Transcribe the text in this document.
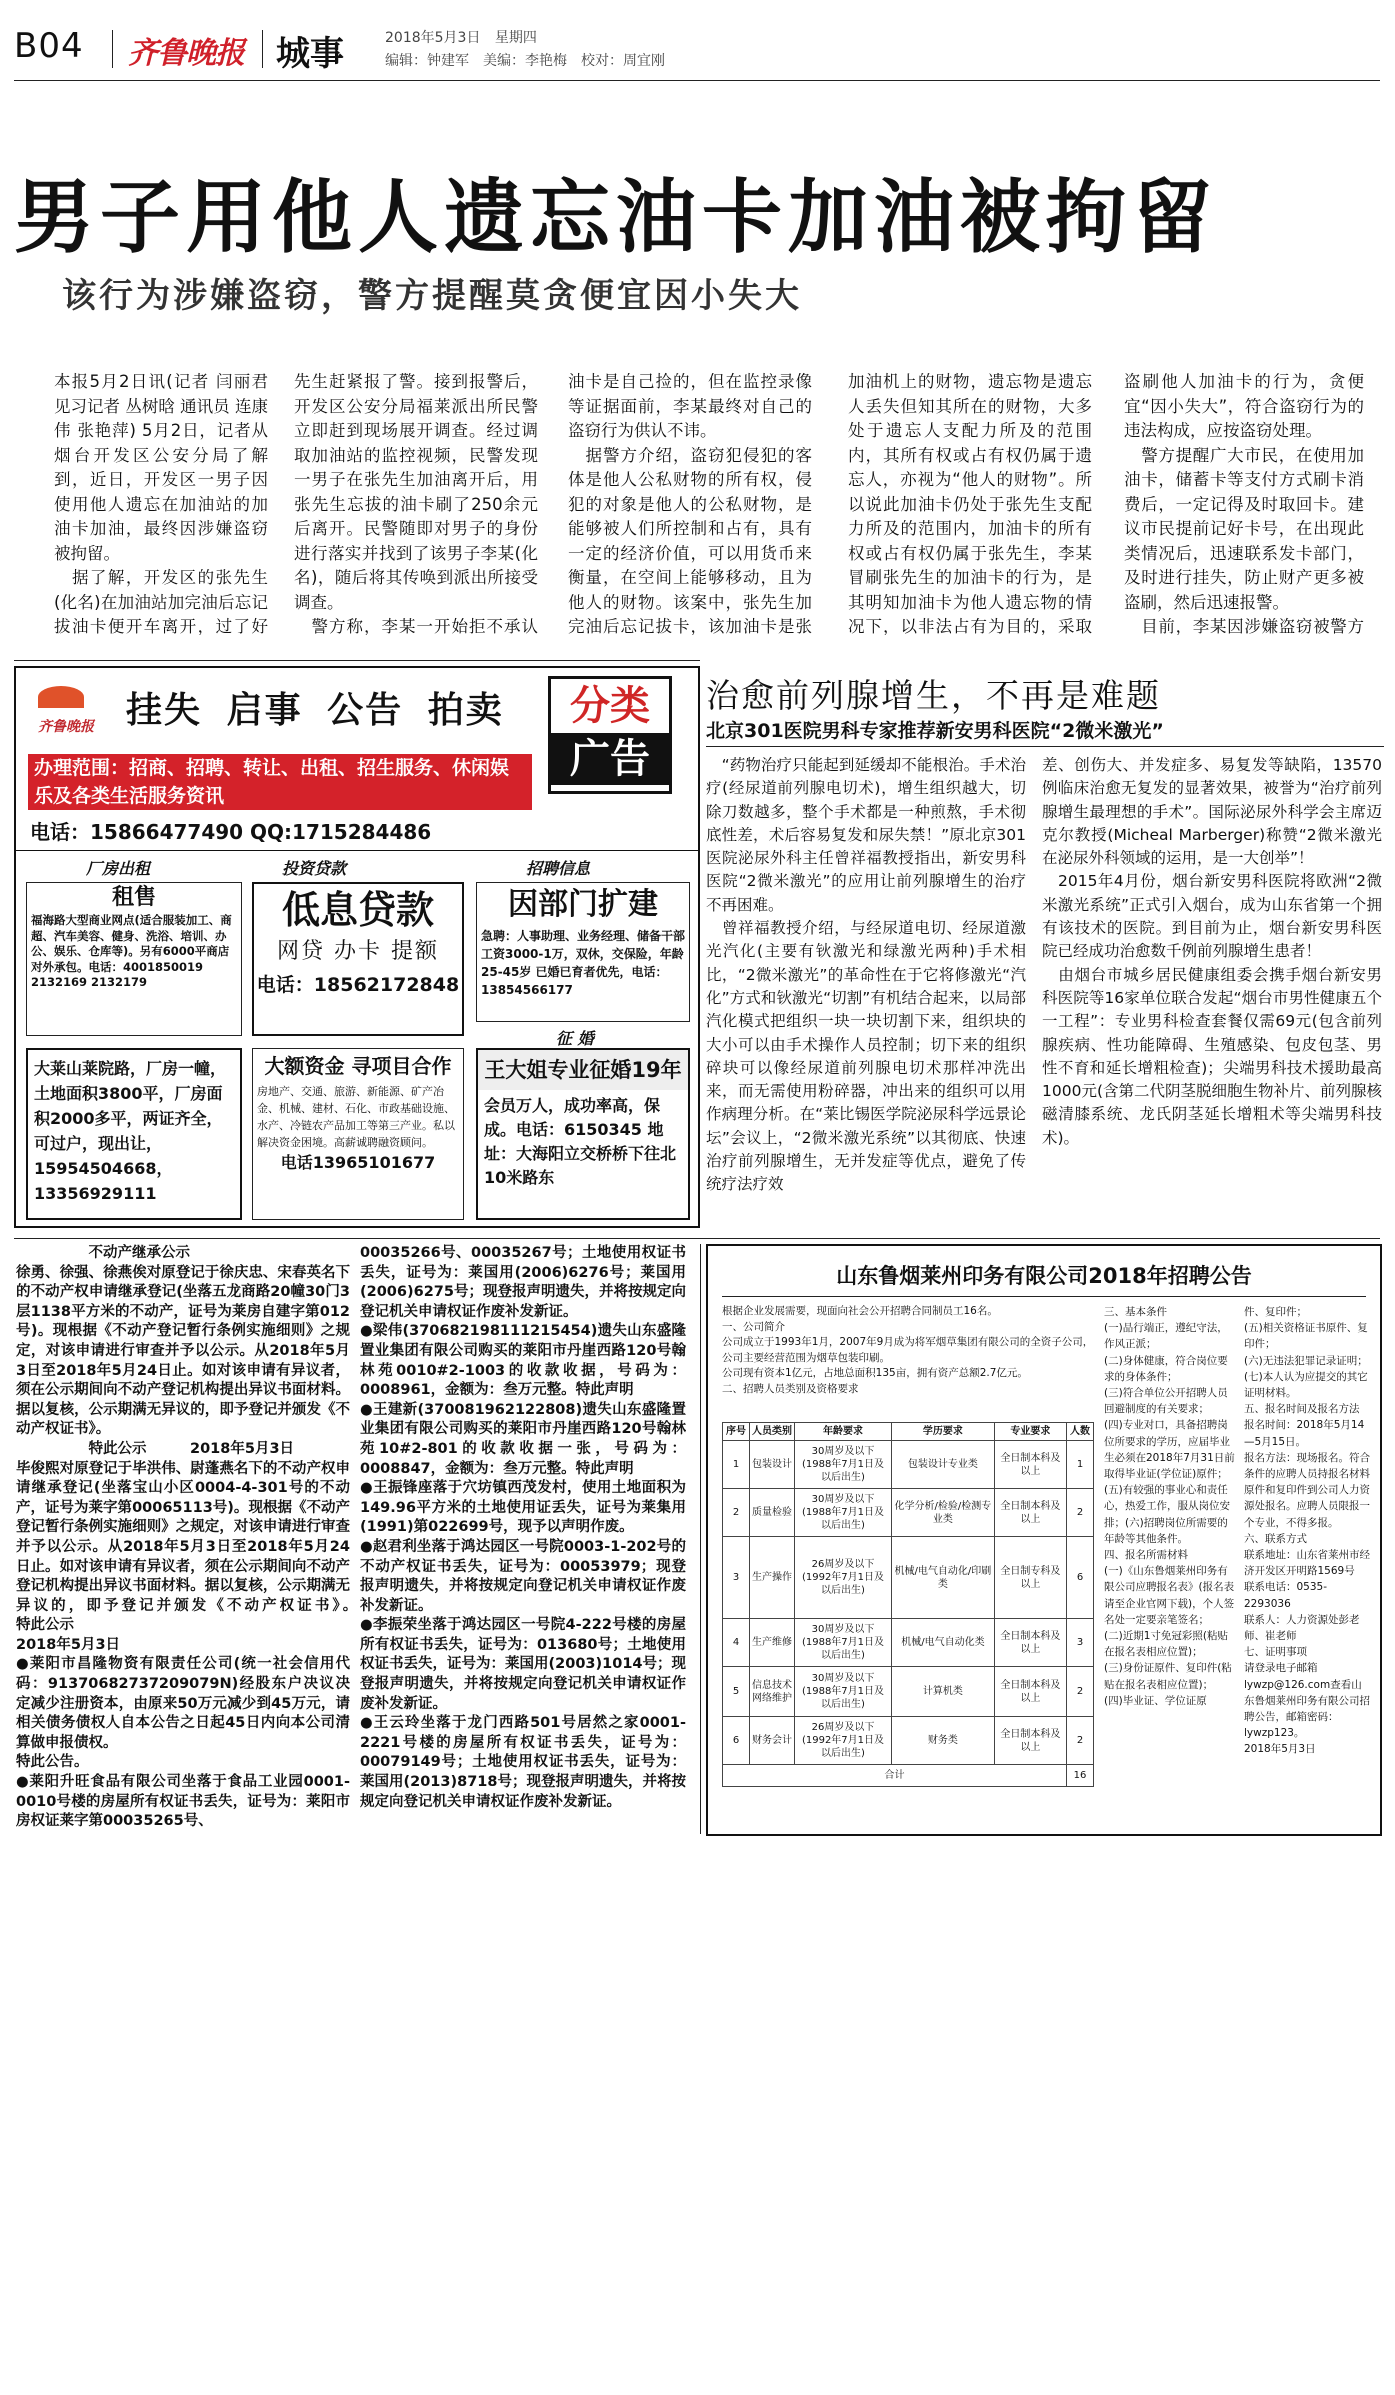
B04 齐鲁晚报 城事	2018年5月3日 星期四
编辑：钟建军　美编：李艳梅　校对：周宜刚
男子用他人遗忘油卡加油被拘留
该行为涉嫌盗窃，警方提醒莫贪便宜因小失大
本报5月2日讯(记者 闫丽君 见习记者 丛树晗 通讯员 连康伟 张艳萍) 5月2日，记者从烟台开发区公安分局了解到，近日，开发区一男子因使用他人遗忘在加油站的加油卡加油，最终因涉嫌盗窃被拘留。
　据了解，开发区的张先生(化名)在加油站加完油后忘记拔油卡便开车离开，过了好
先生赶紧报了警。接到报警后，开发区公安分局福莱派出所民警立即赶到现场展开调查。经过调取加油站的监控视频，民警发现一男子在张先生加油离开后，用张先生忘拔的油卡刷了250余元后离开。民警随即对男子的身份进行落实并找到了该男子李某(化名)，随后将其传唤到派出所接受调查。
　警方称，李某一开始拒不承认
油卡是自己捡的，但在监控录像等证据面前，李某最终对自己的盗窃行为供认不讳。
　据警方介绍，盗窃犯侵犯的客体是他人公私财物的所有权，侵犯的对象是他人的公私财物，是能够被人们所控制和占有，具有一定的经济价值，可以用货币来衡量，在空间上能够移动，且为他人的财物。该案中，张先生加完油后忘记拔卡，该加油卡是张
加油机上的财物，遗忘物是遗忘人丢失但知其所在的财物，大多处于遗忘人支配力所及的范围内，其所有权或占有权仍属于遗忘人，亦视为“他人的财物”。所以说此加油卡仍处于张先生支配力所及的范围内，加油卡的所有权或占有权仍属于张先生，李某冒刷张先生的加油卡的行为，是其明知加油卡为他人遗忘物的情况下，以非法占有为目的，采取
盗刷他人加油卡的行为，贪便宜“因小失大”，符合盗窃行为的违法构成，应按盗窃处理。
　警方提醒广大市民，在使用加油卡，储蓄卡等支付方式刷卡消费后，一定记得及时取回卡。建议市民提前记好卡号，在出现此类情况后，迅速联系发卡部门，及时进行挂失，防止财产更多被盗刷，然后迅速报警。
　目前，李某因涉嫌盗窃被警方
齐鲁晚报 挂失 启事 公告 拍卖	分类
广告
办理范围：招商、招聘、转让、出租、招生服务、休闲娱乐及各类生活服务资讯
电话：15866477490 QQ:1715284486
厂房出租	投资贷款	招聘信息
租售
福海路大型商业网点(适合服装加工、商超、汽车美容、健身、洗浴、培训、办公、娱乐、仓库等)。另有6000平商店对外承包。电话：4001850019 2132169 2132179
低息贷款
网贷 办卡 提额
电话：18562172848
因部门扩建
急聘：人事助理、业务经理、储备干部 工资3000-1万，双休，交保险，年龄25-45岁 已婚已育者优先，电话：13854566177
征 婚
大莱山莱院路，厂房一幢，土地面积3800平，厂房面积2000多平，两证齐全，可过户，现出让，15954504668，13356929111
大额资金 寻项目合作
房地产、交通、旅游、新能源、矿产冶金、机械、建材、石化、市政基础设施、水产、冷链农产品加工等第三产业。私以解决资金困境。高薪诚聘融资顾问。
电话13965101677
王大姐专业征婚19年
会员万人，成功率高，保成。电话：6150345 地址：大海阳立交桥桥下往北10米路东
治愈前列腺增生，不再是难题
北京301医院男科专家推荐新安男科医院“2微米激光”
　“药物治疗只能起到延缓却不能根治。手术治疗(经尿道前列腺电切术)，增生组织越大，切除刀数越多，整个手术都是一种煎熬，手术彻底性差，术后容易复发和尿失禁！”原北京301医院泌尿外科主任曾祥福教授指出，新安男科医院“2微米激光”的应用让前列腺增生的治疗不再困难。
　曾祥福教授介绍，与经尿道电切、经尿道激光汽化(主要有钬激光和绿激光两种)手术相比，“2微米激光”的革命性在于它将修激光“汽化”方式和钬激光“切割”有机结合起来，以局部汽化模式把组织一块一块切割下来，组织块的大小可以由手术操作人员控制；切下来的组织碎块可以像经尿道前列腺电切术那样冲洗出来，而无需使用粉碎器，冲出来的组织可以用作病理分析。在“莱比锡医学院泌尿科学远景论坛”会议上，“2微米激光系统”以其彻底、快速治疗前列腺增生，无并发症等优点，避免了传统疗法疗效
差、创伤大、并发症多、易复发等缺陷，13570例临床治愈无复发的显著效果，被誉为“治疗前列腺增生最理想的手术”。国际泌尿外科学会主席迈克尔教授(Micheal Marberger)称赞“2微米激光在泌尿外科领域的运用，是一大创举”！
　2015年4月份，烟台新安男科医院将欧洲“2微米激光系统”正式引入烟台，成为山东省第一个拥有该技术的医院。到目前为止，烟台新安男科医院已经成功治愈数千例前列腺增生患者！
　由烟台市城乡居民健康组委会携手烟台新安男科医院等16家单位联合发起“烟台市男性健康五个一工程”：专业男科检查套餐仅需69元(包含前列腺疾病、性功能障碍、生殖感染、包皮包茎、男性不育和延长增粗检查)；尖端男科技术援助最高1000元(含第二代阴茎脱细胞生物补片、前列腺核磁清膝系统、龙氏阴茎延长增粗术等尖端男科技术)。
　　　　　不动产继承公示
徐勇、徐强、徐燕俟对原登记于徐庆忠、宋春英名下的不动产权申请继承登记(坐落五龙商路20幢30门3层1138平方米的不动产，证号为莱房自建字第012号)。现根据《不动产登记暂行条例实施细则》之规定，对该申请进行审查并予以公示。从2018年5月3日至2018年5月24日止。如对该申请有异议者，须在公示期间向不动产登记机构提出异议书面材料。据以复核，公示期满无异议的，即予登记并颁发《不动产权证书》。
　　　　　特此公示　　　2018年5月3日
毕俊熙对原登记于毕洪伟、尉蓬燕名下的不动产权申请继承登记(坐落宝山小区0004-4-301号的不动产，证号为莱字第00065113号)。现根据《不动产登记暂行条例实施细则》之规定，对该申请进行审查并予以公示。从2018年5月3日至2018年5月24日止。如对该申请有异议者，须在公示期间向不动产登记机构提出异议书面材料。据以复核，公示期满无异议的，即予登记并颁发《不动产权证书》。　　　　　特此公示
2018年5月3日
●莱阳市昌隆物资有限责任公司(统一社会信用代码：91370682737209079N)经股东户决议决定减少注册资本，由原来50万元减少到45万元，请相关债务债权人自本公告之日起45日内向本公司清算做申报债权。
特此公告。
●莱阳升旺食品有限公司坐落于食品工业园0001-0010号楼的房屋所有权证书丢失，证号为：莱阳市房权证莱字第00035265号、
00035266号、00035267号；土地使用权证书丢失，证号为：莱国用(2006)6276号；莱国用(2006)6275号；现登报声明遗失，并将按规定向登记机关申请权证作废补发新证。
●梁伟(370682198111215454)遗失山东盛隆置业集团有限公司购买的莱阳市丹崖西路120号翰林苑0010#2-1003的收款收据，号码为：0008961，金额为：叁万元整。特此声明
●王建新(370081962122808)遗失山东盛隆置业集团有限公司购买的莱阳市丹崖西路120号翰林苑10#2-801的收款收据一张，号码为：0008847，金额为：叁万元整。特此声明
●王振锋座落于穴坊镇西茂发村，使用土地面积为149.96平方米的土地使用证丢失，证号为莱集用(1991)第022699号，现予以声明作废。
●赵君利坐落于鸿达园区一号院0003-1-202号的不动产权证书丢失，证号为：00053979；现登报声明遗失，并将按规定向登记机关申请权证作废补发新证。
●李振荣坐落于鸿达园区一号院4-222号楼的房屋所有权证书丢失，证号为：013680号；土地使用权证书丢失，证号为：莱国用(2003)1014号；现登报声明遗失，并将按规定向登记机关申请权证作废补发新证。
●王云玲坐落于龙门西路501号居然之家0001-2221号楼的房屋所有权证书丢失，证号为：00079149号；土地使用权证书丢失，证号为：莱国用(2013)8718号；现登报声明遗失，并将按规定向登记机关申请权证作废补发新证。
山东鲁烟莱州印务有限公司2018年招聘公告
根据企业发展需要，现面向社会公开招聘合同制员工16名。
一、公司简介
公司成立于1993年1月，2007年9月成为将军烟草集团有限公司的全资子公司，公司主要经营范围为烟草包装印刷。
公司现有资本1亿元，占地总面积135亩，拥有资产总额2.7亿元。
二、招聘人员类别及资格要求
序号	人员类别	年龄要求	学历要求	专业要求	人数
1	包装设计	30周岁及以下(1988年7月1日及以后出生)	包装设计专业类	全日制本科及以上	1
2	质量检验	30周岁及以下(1988年7月1日及以后出生)	化学分析/检验/检测专业类	全日制本科及以上	2
3	生产操作	26周岁及以下(1992年7月1日及以后出生)	机械/电气自动化/印刷类	全日制专科及以上	6
4	生产维修	30周岁及以下(1988年7月1日及以后出生)	机械/电气自动化类	全日制本科及以上	3
5	信息技术网络维护	30周岁及以下(1988年7月1日及以后出生)	计算机类	全日制本科及以上	2
6	财务会计	26周岁及以下(1992年7月1日及以后出生)	财务类	全日制本科及以上	2
合计					16
三、基本条件
(一)品行端正，遵纪守法，作风正派；
(二)身体健康，符合岗位要求的身体条件；
(三)符合单位公开招聘人员回避制度的有关要求；
(四)专业对口，具备招聘岗位所要求的学历，应届毕业生必须在2018年7月31日前取得毕业证(学位证)原件；
(五)有较强的事业心和责任心，热爱工作，服从岗位安排；(六)招聘岗位所需要的年龄等其他条件。
四、报名所需材料
(一)《山东鲁烟莱州印务有限公司应聘报名表》(报名表请至企业官网下载)，个人签名处一定要亲笔签名；
(二)近期1寸免冠彩照(粘贴在报名表相应位置)；
(三)身份证原件、复印件(粘贴在报名表相应位置)；
(四)毕业证、学位证原
件、复印件；
(五)相关资格证书原件、复印件；
(六)无违法犯罪记录证明；
(七)本人认为应提交的其它证明材料。
五、报名时间及报名方法
报名时间：2018年5月14—5月15日。
报名方法：现场报名。符合条件的应聘人员持报名材料原件和复印件到公司人力资源处报名。应聘人员限报一个专业，不得多报。
六、联系方式
联系地址：山东省莱州市经济开发区开明路1569号
联系电话：0535-2293036
联系人：人力资源处彭老师、崔老师
七、证明事项
请登录电子邮箱lywzp@126.com查看山东鲁烟莱州印务有限公司招聘公告，邮箱密码：lywzp123。
2018年5月3日
